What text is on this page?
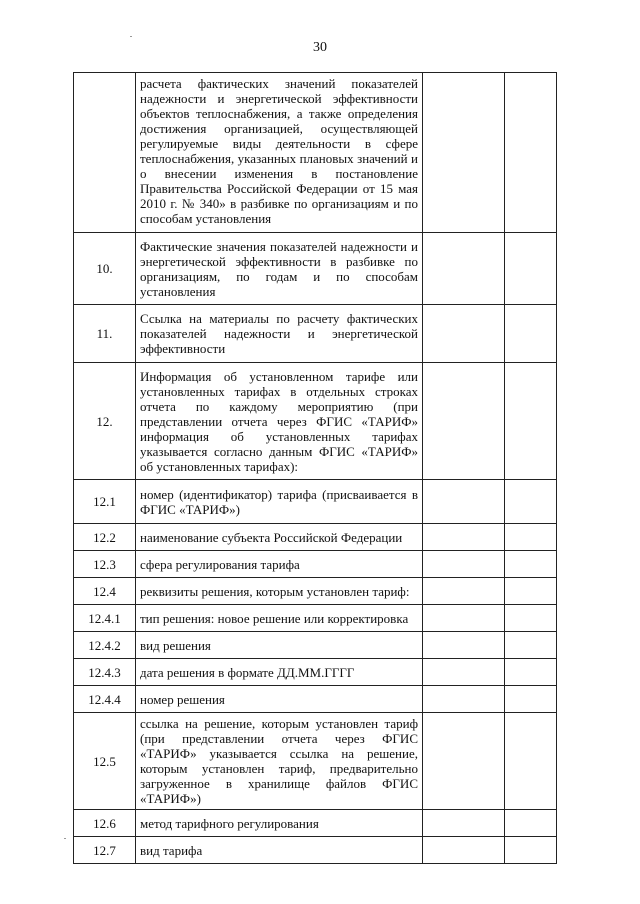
30
	расчета фактических значений показателей надежности и энергетической эффективности объектов теплоснабжения, а также определения достижения организацией, осуществляющей регулируемые виды деятельности в сфере теплоснабжения, указанных плановых значений и о внесении изменения в постановление Правительства Российской Федерации от 15 мая 2010 г. № 340» в разбивке по организациям и по способам установления		
10.	Фактические значения показателей надежности и энергетической эффективности в разбивке по организациям, по годам и по способам установления		
11.	Ссылка на материалы по расчету фактических показателей надежности и энергетической эффективности		
12.	Информация об установленном тарифе или установленных тарифах в отдельных строках отчета по каждому мероприятию (при представлении отчета через ФГИС «ТАРИФ» информация об установленных тарифах указывается согласно данным ФГИС «ТАРИФ» об установленных тарифах):		
12.1	номер (идентификатор) тарифа (присваивается в ФГИС «ТАРИФ»)		
12.2	наименование субъекта Российской Федерации		
12.3	сфера регулирования тарифа		
12.4	реквизиты решения, которым установлен тариф:		
12.4.1	тип решения: новое решение или корректировка		
12.4.2	вид решения		
12.4.3	дата решения в формате ДД.ММ.ГГГГ		
12.4.4	номер решения		
12.5	ссылка на решение, которым установлен тариф (при представлении отчета через ФГИС «ТАРИФ» указывается ссылка на решение, которым установлен тариф, предварительно загруженное в хранилище файлов ФГИС «ТАРИФ»)		
12.6	метод тарифного регулирования		
12.7	вид тарифа		
